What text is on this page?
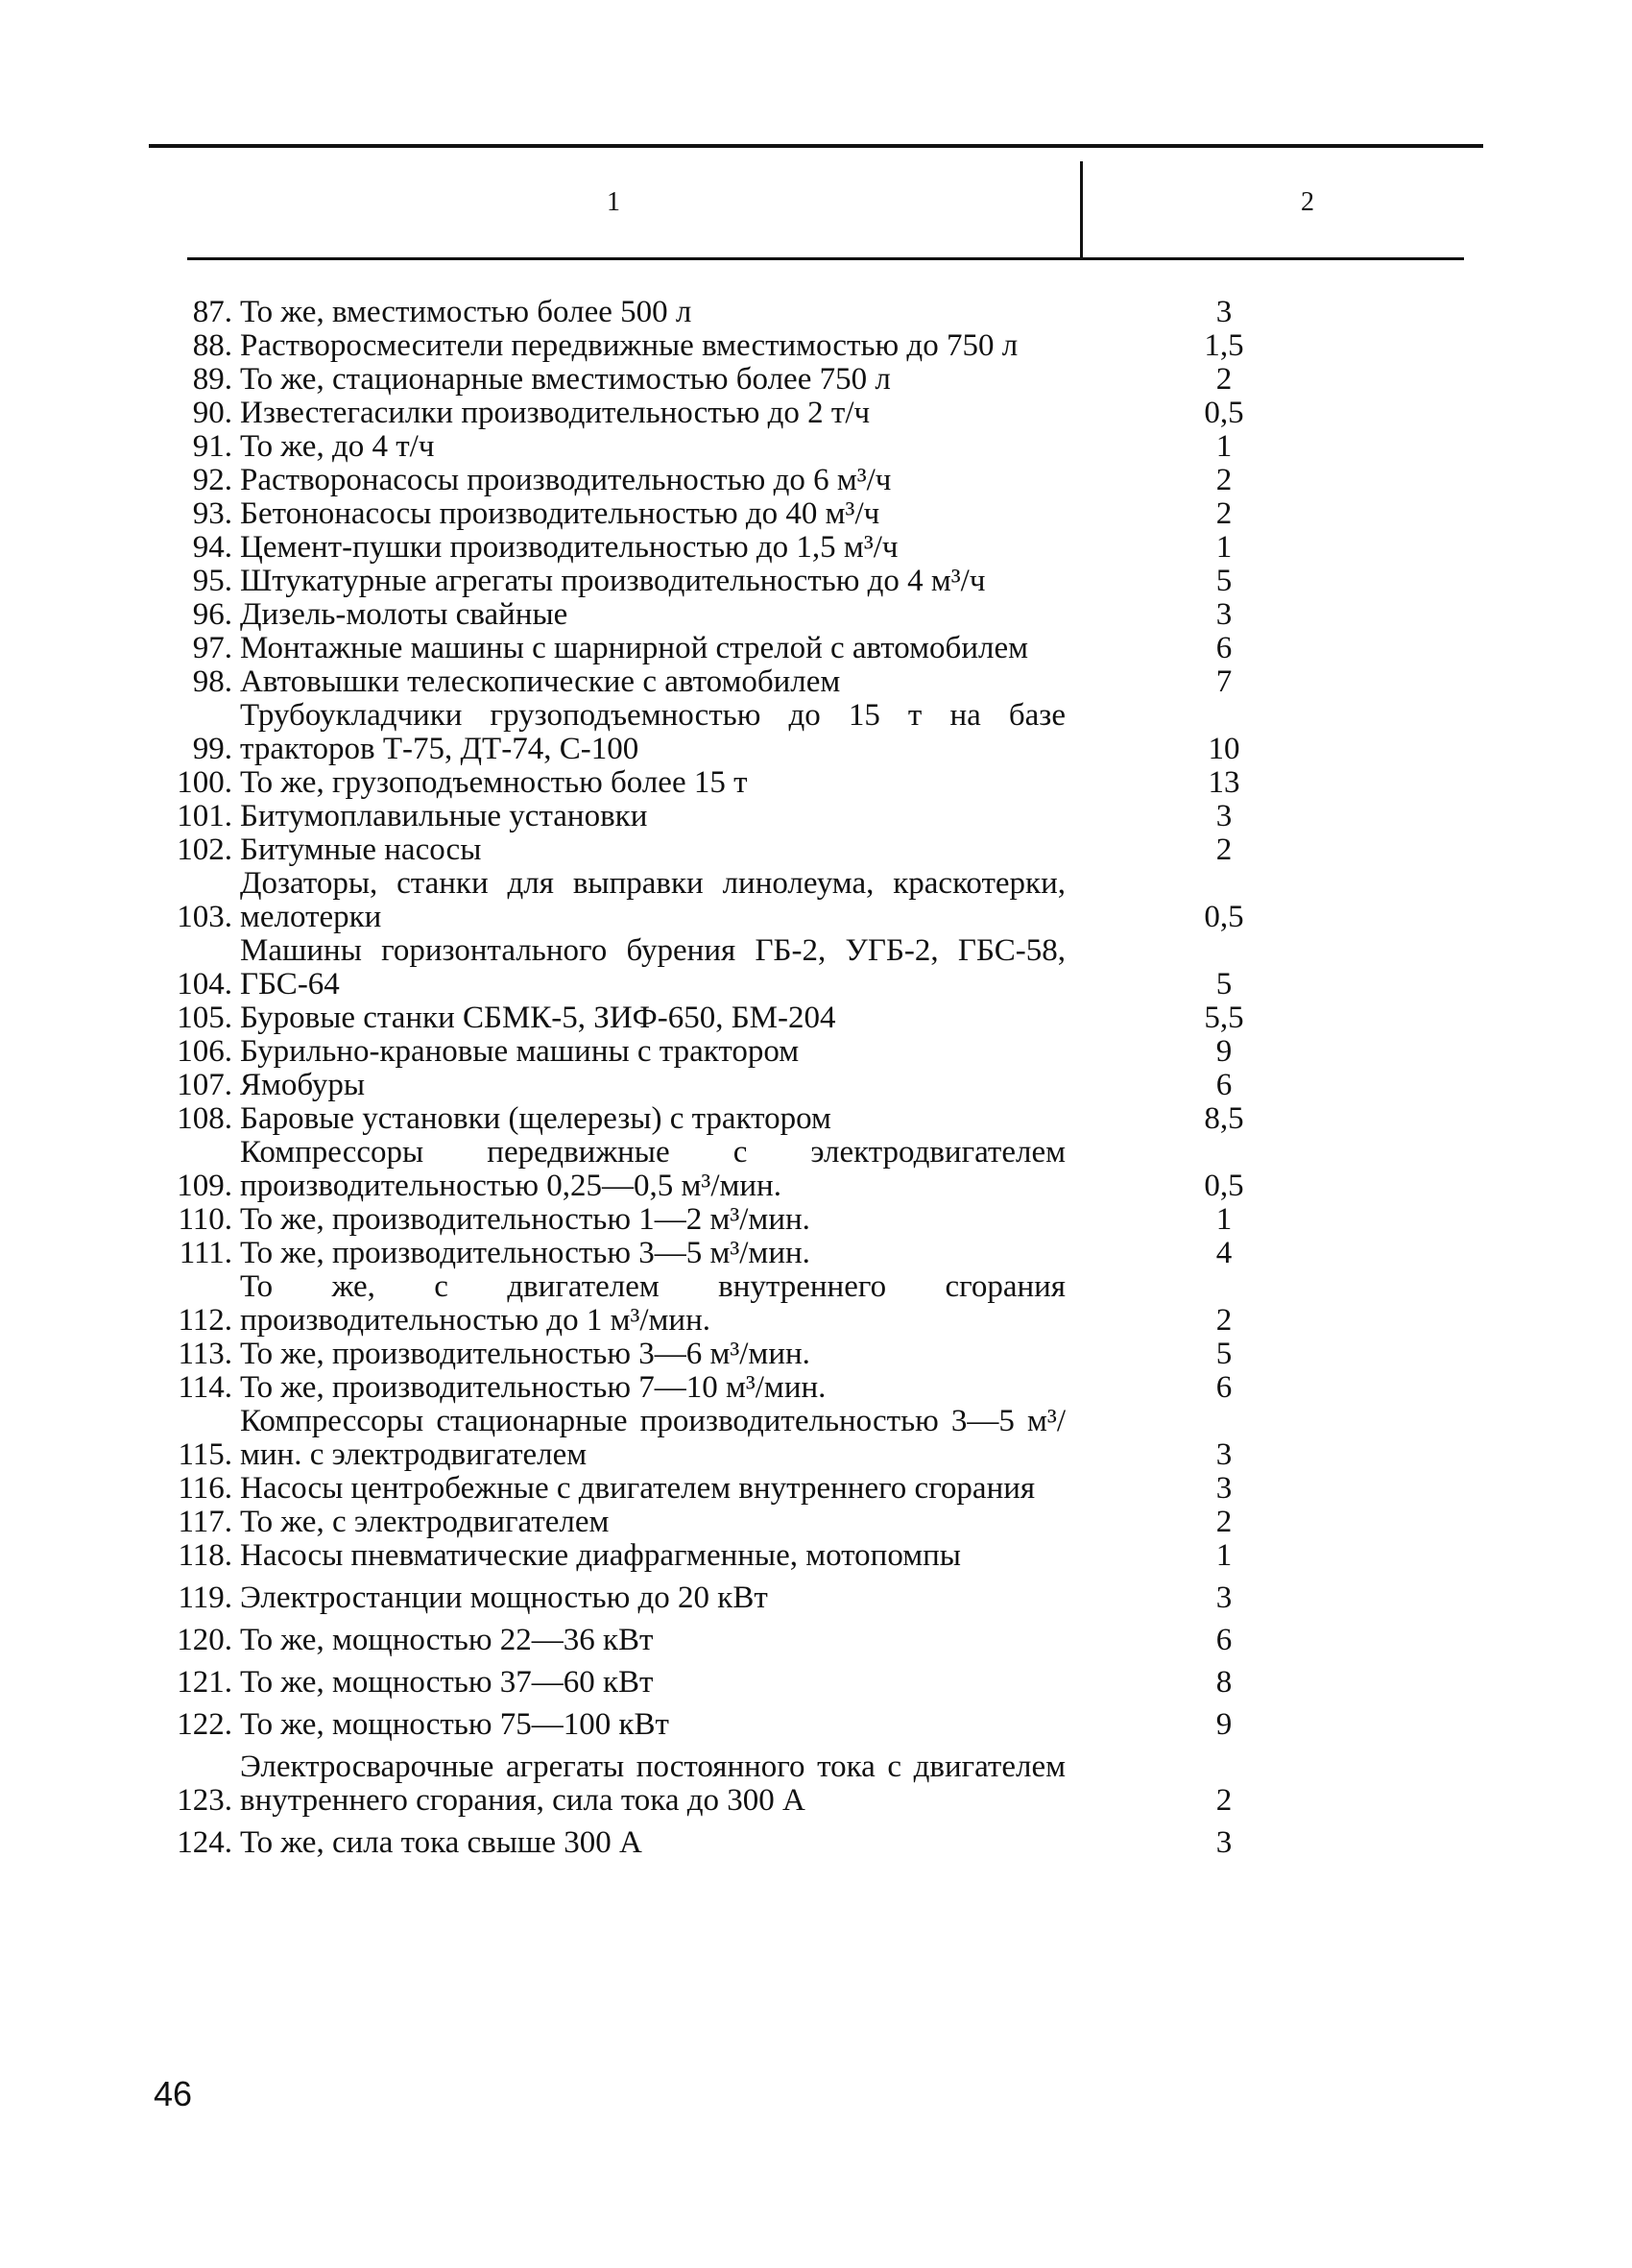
1	2
87. То же, вместимостью более 500 л	3
88. Растворосмесители передвижные вместимостью до 750 л	1,5
89. То же, стационарные вместимостью более 750 л	2
90. Известегасилки производительностью до 2 т/ч	0,5
91. То же, до 4 т/ч	1
92. Растворонасосы производительностью до 6 м³/ч	2
93. Бетононасосы производительностью до 40 м³/ч	2
94. Цемент-пушки производительностью до 1,5 м³/ч	1
95. Штукатурные агрегаты производительностью до 4 м³/ч	5
96. Дизель-молоты свайные	3
97. Монтажные машины с шарнирной стрелой с автомобилем	6
98. Автовышки телескопические с автомобилем	7
99.
Трубоукладчики грузоподъемностью до 15 т на базе тракторов Т-75, ДТ-74, С-100	10
100. То же, грузоподъемностью более 15 т	13
101. Битумоплавильные установки	3
102. Битумные насосы	2
103.
Дозаторы, станки для выправки линолеума, краскотерки, мелотерки	0,5
104.
Машины горизонтального бурения ГБ-2, УГБ-2, ГБС-58, ГБС-64	5
105. Буровые станки СБМК-5, ЗИФ-650, БМ-204	5,5
106. Бурильно-крановые машины с трактором	9
107. Ямобуры	6
108. Баровые установки (щелерезы) с трактором	8,5
109.
Компрессоры передвижные с электродвигателем производительностью 0,25—0,5 м³/мин.	0,5
110. То же, производительностью 1—2 м³/мин.	1
111. То же, производительностью 3—5 м³/мин.	4
112.
То же, с двигателем внутреннего сгорания производительностью до 1 м³/мин.	2
113. То же, производительностью 3—6 м³/мин.	5
114. То же, производительностью 7—10 м³/мин.	6
115.
Компрессоры стационарные производительностью 3—5 м³/мин. с электродвигателем	3
116. Насосы центробежные с двигателем внутреннего сгорания	3
117. То же, с электродвигателем	2
118. Насосы пневматические диафрагменные, мотопомпы	1
119. Электростанции мощностью до 20 кВт	3
120. То же, мощностью 22—36 кВт	6
121. То же, мощностью 37—60 кВт	8
122. То же, мощностью 75—100 кВт	9
123.
Электросварочные агрегаты постоянного тока с двигателем внутреннего сгорания, сила тока до 300 А	2
124. То же, сила тока свыше 300 А	3
46
